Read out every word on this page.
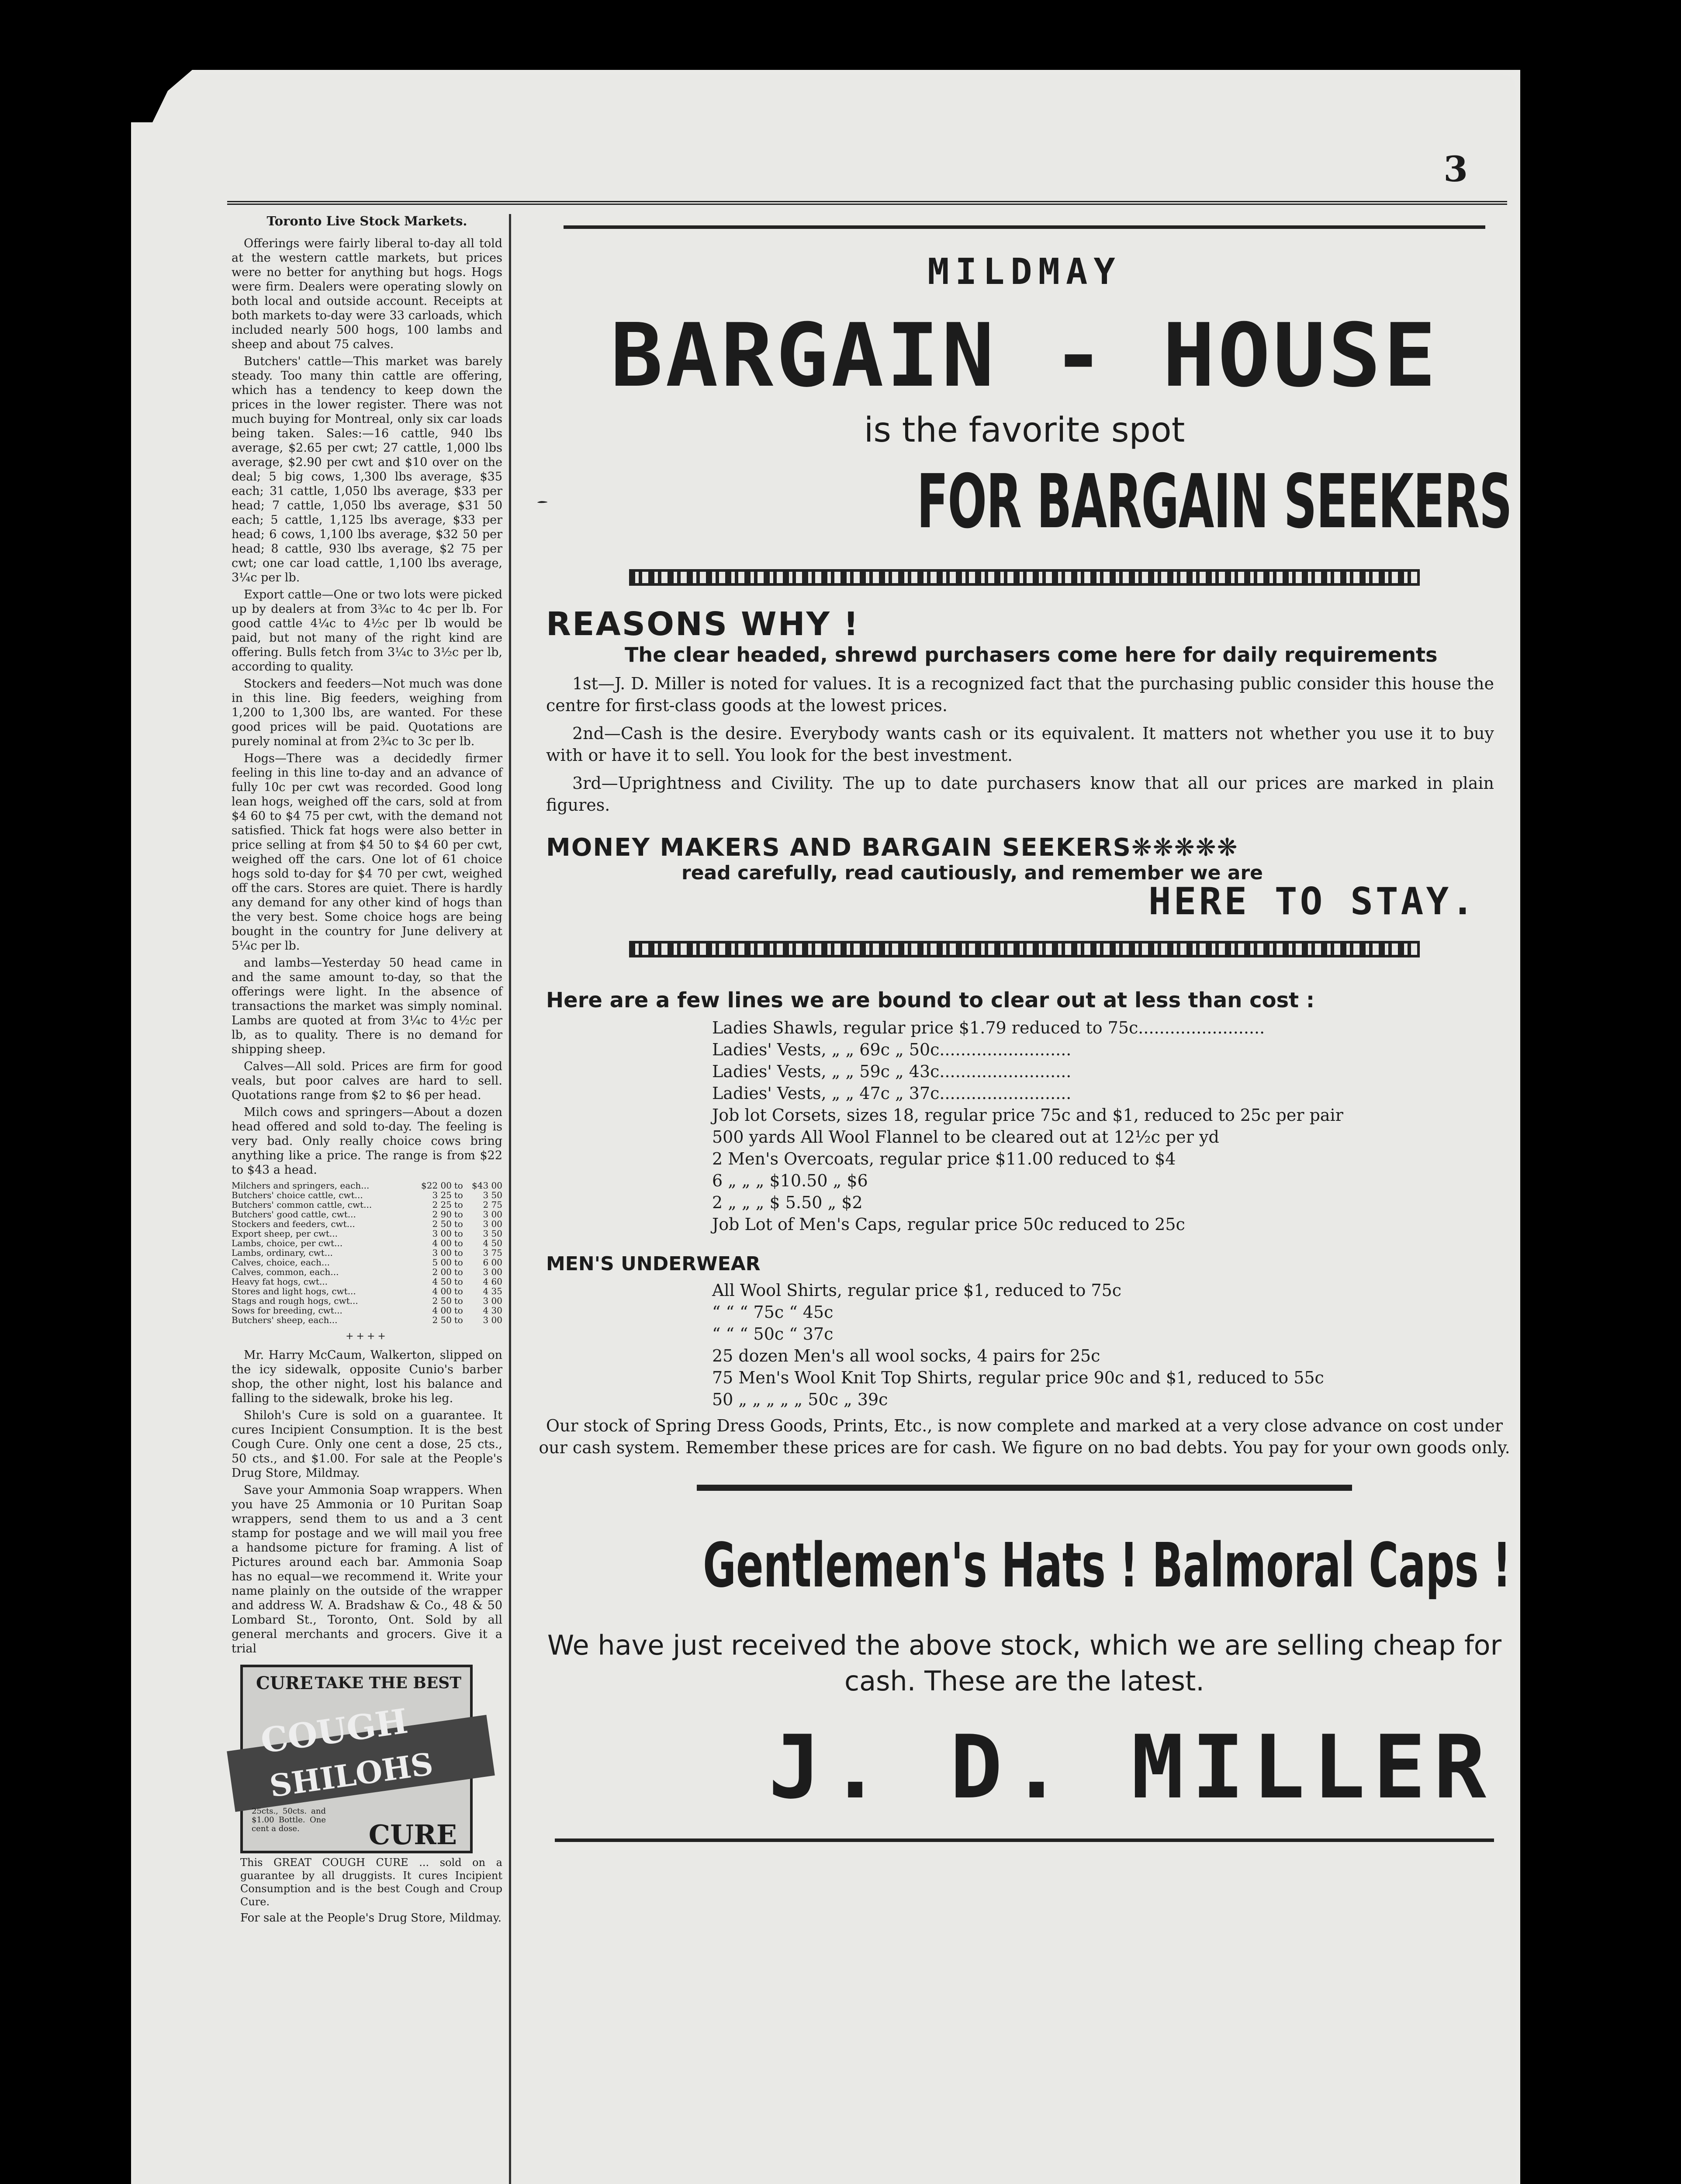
3
Toronto Live Stock Markets.

Offerings were fairly liberal to-day all told at the western cattle markets, but prices were no better for anything but hogs. Hogs were firm. Dealers were operating slowly on both local and outside account. Receipts at both markets to-day were 33 carloads, which included nearly 500 hogs, 100 lambs and sheep and about 75 calves.

Butchers' cattle—This market was barely steady. Too many thin cattle are offering, which has a tendency to keep down the prices in the lower register. There was not much buying for Montreal, only six car loads being taken. Sales:—16 cattle, 940 lbs average, $2.65 per cwt; 27 cattle, 1,000 lbs average, $2.90 per cwt and $10 over on the deal; 5 big cows, 1,300 lbs average, $35 each; 31 cattle, 1,050 lbs average, $33 per head; 7 cattle, 1,050 lbs average, $31 50 each; 5 cattle, 1,125 lbs average, $33 per head; 6 cows, 1,100 lbs average, $32 50 per head; 8 cattle, 930 lbs average, $2 75 per cwt; one car load cattle, 1,100 lbs average, 3¼c per lb.

Export cattle—One or two lots were picked up by dealers at from 3¾c to 4c per lb. For good cattle 4¼c to 4½c per lb would be paid, but not many of the right kind are offering. Bulls fetch from 3¼c to 3½c per lb, according to quality.

Stockers and feeders—Not much was done in this line. Big feeders, weighing from 1,200 to 1,300 lbs, are wanted. For these good prices will be paid. Quotations are purely nominal at from 2¾c to 3c per lb.

Hogs—There was a decidedly firmer feeling in this line to-day and an advance of fully 10c per cwt was recorded. Good long lean hogs, weighed off the cars, sold at from $4 60 to $4 75 per cwt, with the demand not satisfied. Thick fat hogs were also better in price selling at from $4 50 to $4 60 per cwt, weighed off the cars. One lot of 61 choice hogs sold to-day for $4 70 per cwt, weighed off the cars. Stores are quiet. There is hardly any demand for any other kind of hogs than the very best. Some choice hogs are being bought in the country for June delivery at 5¼c per lb.

and lambs—Yesterday 50 head came in and the same amount to-day, so that the offerings were light. In the absence of transactions the market was simply nominal. Lambs are quoted at from 3¼c to 4½c per lb, as to quality. There is no demand for shipping sheep.

Calves—All sold. Prices are firm for good veals, but poor calves are hard to sell. Quotations range from $2 to $6 per head.

Milch cows and springers—About a dozen head offered and sold to-day. The feeling is very bad. Only really choice cows bring anything like a price. The range is from $22 to $43 a head.

Milchers and springers, each...	$22 00	to	$43 00
Butchers' choice cattle, cwt...	3 25	to	3 50
Butchers' common cattle, cwt...	2 25	to	2 75
Butchers' good cattle, cwt...	2 90	to	3 00
Stockers and feeders, cwt...	2 50	to	3 00
Export sheep, per cwt...	3 00	to	3 50
Lambs, choice, per cwt...	4 00	to	4 50
Lambs, ordinary, cwt...	3 00	to	3 75
Calves, choice, each...	5 00	to	6 00
Calves, common, each...	2 00	to	3 00
Heavy fat hogs, cwt...	4 50	to	4 60
Stores and light hogs, cwt...	4 00	to	4 35
Stags and rough hogs, cwt...	2 50	to	3 00
Sows for breeding, cwt...	4 00	to	4 30
Butchers' sheep, each...	2 50	to	3 00
++++

Mr. Harry McCaum, Walkerton, slipped on the icy sidewalk, opposite Cunio's barber shop, the other night, lost his balance and falling to the sidewalk, broke his leg.

Shiloh's Cure is sold on a guarantee. It cures Incipient Consumption. It is the best Cough Cure. Only one cent a dose, 25 cts., 50 cts., and $1.00. For sale at the People's Drug Store, Mildmay.

Save your Ammonia Soap wrappers. When you have 25 Ammonia or 10 Puritan Soap wrappers, send them to us and a 3 cent stamp for postage and we will mail you free a handsome picture for framing. A list of Pictures around each bar. Ammonia Soap has no equal—we recommend it. Write your name plainly on the outside of the wrapper and address W. A. Bradshaw & Co., 48 & 50 Lombard St., Toronto, Ont. Sold by all general merchants and grocers. Give it a trial

CURE TAKE THE BEST
COUGH
SHILOHS
25cts., 50cts. and $1.00 Bottle. One cent a dose.	CURE
This GREAT COUGH CURE ... sold on a guarantee by all druggists. It cures Incipient Consumption and is the best Cough and Croup Cure.
For sale at the People's Drug Store, Mildmay.
MILDMAY
BARGAIN - HOUSE
is the favorite spot
FOR BARGAIN SEEKERS
REASONS WHY !
The clear headed, shrewd purchasers come here for daily requirements
1st—J. D. Miller is noted for values. It is a recognized fact that the purchasing public consider this house the centre for first-class goods at the lowest prices.
2nd—Cash is the desire. Everybody wants cash or its equivalent. It matters not whether you use it to buy with or have it to sell. You look for the best investment.
3rd—Uprightness and Civility. The up to date purchasers know that all our prices are marked in plain figures.
MONEY MAKERS AND BARGAIN SEEKERS❋❋❋❋❋
read carefully, read cautiously, and remember we are
HERE TO STAY.
Here are a few lines we are bound to clear out at less than cost :
Ladies Shawls, regular price $1.79 reduced to 75c........................
Ladies' Vests, „ „ 69c „ 50c.........................
Ladies' Vests, „ „ 59c „ 43c.........................
Ladies' Vests, „ „ 47c „ 37c.........................
Job lot Corsets, sizes 18, regular price 75c and $1, reduced to 25c per pair
500 yards All Wool Flannel to be cleared out at 12½c per yd
2 Men's Overcoats, regular price $11.00 reduced to $4
6 „ „ „ $10.50 „ $6
2 „ „ „ $ 5.50 „ $2
Job Lot of Men's Caps, regular price 50c reduced to 25c
MEN'S UNDERWEAR
All Wool Shirts, regular price $1, reduced to 75c
“ “ “ 75c “ 45c
“ “ “ 50c “ 37c
25 dozen Men's all wool socks, 4 pairs for 25c
75 Men's Wool Knit Top Shirts, regular price 90c and $1, reduced to 55c
50 „ „ „ „ „ 50c „ 39c
Our stock of Spring Dress Goods, Prints, Etc., is now complete and marked at a very close advance on cost under our cash system. Remember these prices are for cash. We figure on no bad debts. You pay for your own goods only.
Gentlemen's Hats ! Balmoral Caps !
We have just received the above stock, which we are selling cheap for cash. These are the latest.
J. D. MILLER
